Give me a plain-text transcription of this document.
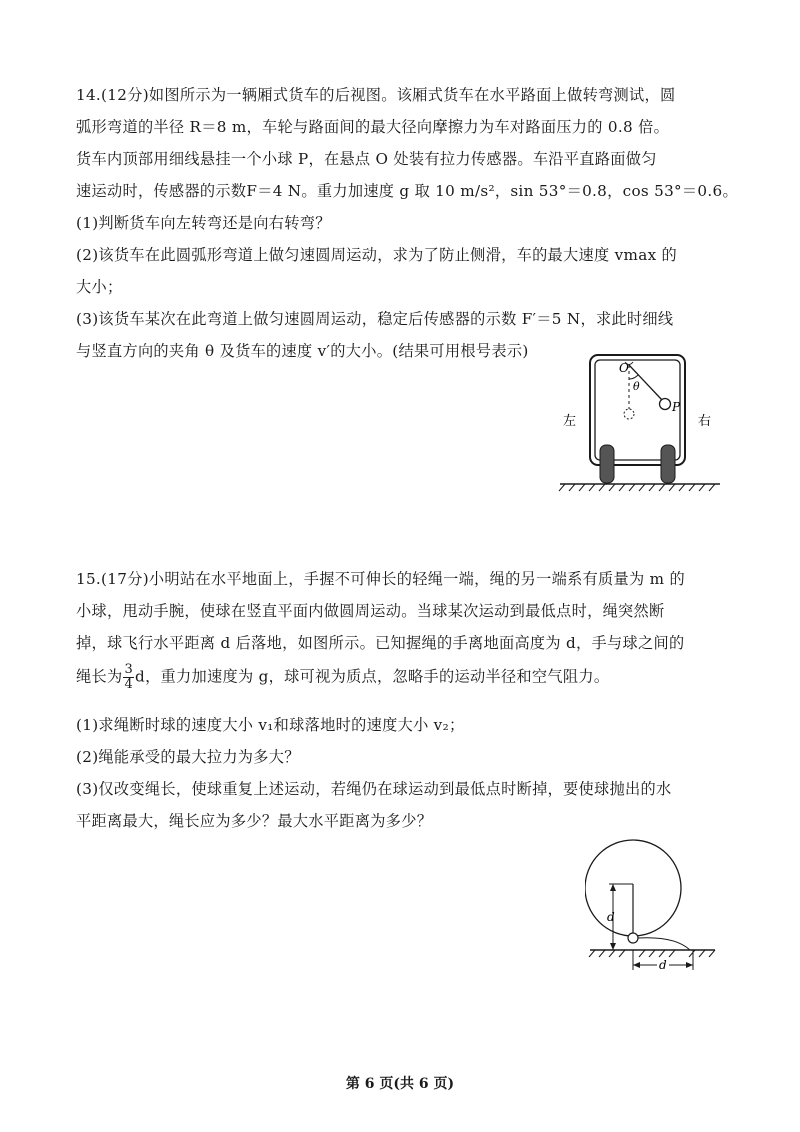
14.(12分)如图所示为一辆厢式货车的后视图。该厢式货车在水平路面上做转弯测试，圆
弧形弯道的半径 R＝8 m，车轮与路面间的最大径向摩擦力为车对路面压力的 0.8 倍。
货车内顶部用细线悬挂一个小球 P，在悬点 O 处装有拉力传感器。车沿平直路面做匀
速运动时，传感器的示数F＝4 N。重力加速度 g 取 10 m/s²，sin 53°＝0.8，cos 53°＝0.6。
(1)判断货车向左转弯还是向右转弯？
(2)该货车在此圆弧形弯道上做匀速圆周运动，求为了防止侧滑，车的最大速度 vmax 的
大小；
(3)该货车某次在此弯道上做匀速圆周运动，稳定后传感器的示数 F′＝5 N，求此时细线
与竖直方向的夹角 θ 及货车的速度 v′的大小。(结果可用根号表示)
O
θ
P
左	右
15.(17分)小明站在水平地面上，手握不可伸长的轻绳一端，绳的另一端系有质量为 m 的
小球，甩动手腕，使球在竖直平面内做圆周运动。当球某次运动到最低点时，绳突然断
掉，球飞行水平距离 d 后落地，如图所示。已知握绳的手离地面高度为 d，手与球之间的
绳长为 $\frac{3}{4}$ d，重力加速度为 g，球可视为质点，忽略手的运动半径和空气阻力。
(1)求绳断时球的速度大小 v₁和球落地时的速度大小 v₂；
(2)绳能承受的最大拉力为多大？
(3)仅改变绳长，使球重复上述运动，若绳仍在球运动到最低点时断掉，要使球抛出的水
平距离最大，绳长应为多少？最大水平距离为多少？
d
d
第 6 页(共 6 页)
